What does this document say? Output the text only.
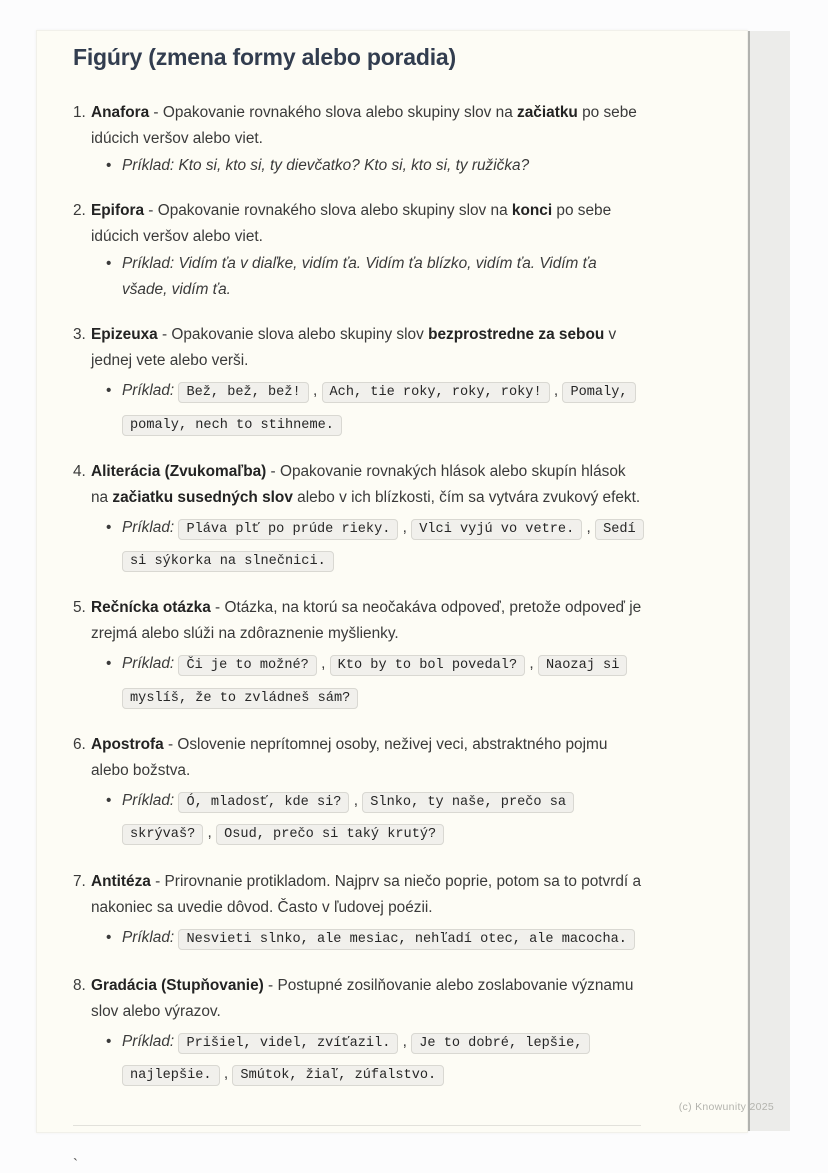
Figúry (zmena formy alebo poradia)
1. Anafora - Opakovanie rovnakého slova alebo skupiny slov na začiatku po sebe idúcich veršov alebo viet.
• Príklad: Kto si, kto si, ty dievčatko? Kto si, kto si, ty ružička?
2. Epifora - Opakovanie rovnakého slova alebo skupiny slov na konci po sebe idúcich veršov alebo viet.
• Príklad: Vidím ťa v diaľke, vidím ťa. Vidím ťa blízko, vidím ťa. Vidím ťa všade, vidím ťa.
3. Epizeuxa - Opakovanie slova alebo skupiny slov bezprostredne za sebou v jednej vete alebo verši.
• Príklad: Bež, bež, bež! , Ach, tie roky, roky, roky! , Pomaly, pomaly, nech to stihneme.
4. Aliterácia (Zvukomaľba) - Opakovanie rovnakých hlások alebo skupín hlások na začiatku susedných slov alebo v ich blízkosti, čím sa vytvára zvukový efekt.
• Príklad: Pláva plť po prúde rieky. , Vlci vyjú vo vetre. , Sedí si sýkorka na slnečnici.
5. Rečnícka otázka - Otázka, na ktorú sa neočakáva odpoveď, pretože odpoveď je zrejmá alebo slúži na zdôraznenie myšlienky.
• Príklad: Či je to možné? , Kto by to bol povedal? , Naozaj si myslíš, že to zvládneš sám?
6. Apostrofa - Oslovenie neprítomnej osoby, neživej veci, abstraktného pojmu alebo božstva.
• Príklad: Ó, mladosť, kde si? , Slnko, ty naše, prečo sa skrývaš? , Osud, prečo si taký krutý?
7. Antitéza - Prirovnanie protikladom. Najprv sa niečo poprie, potom sa to potvrdí a nakoniec sa uvedie dôvod. Často v ľudovej poézii.
• Príklad: Nesvieti slnko, ale mesiac, nehľadí otec, ale macocha.
8. Gradácia (Stupňovanie) - Postupné zosilňovanie alebo zoslabovanie významu slov alebo výrazov.
• Príklad: Prišiel, videl, zvíťazil. , Je to dobré, lepšie, najlepšie. , Smútok, žiaľ, zúfalstvo.
`
(c) Knowunity 2025
